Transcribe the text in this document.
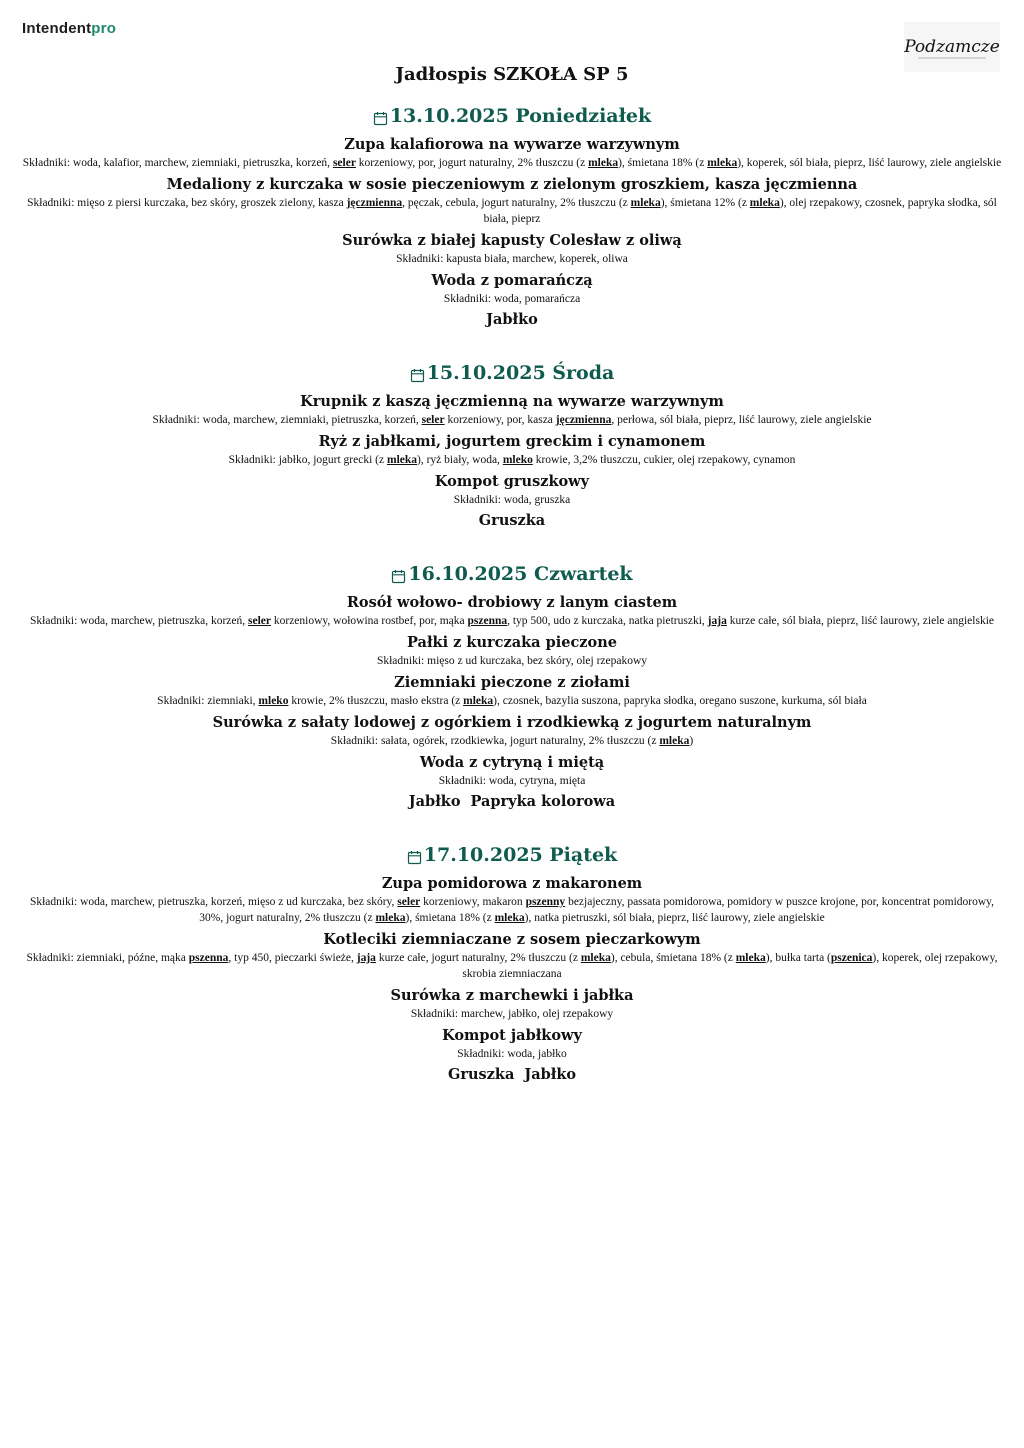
Intendentpro
Podzamcze
Jadłospis SZKOŁA SP 5
13.10.2025 Poniedziałek
Zupa kalafiorowa na wywarze warzywnym
Składniki: woda, kalafior, marchew, ziemniaki, pietruszka, korzeń, seler korzeniowy, por, jogurt naturalny, 2% tłuszczu (z mleka), śmietana 18% (z mleka), koperek, sól biała, pieprz, liść laurowy, ziele angielskie
Medaliony z kurczaka w sosie pieczeniowym z zielonym groszkiem, kasza jęczmienna
Składniki: mięso z piersi kurczaka, bez skóry, groszek zielony, kasza jęczmienna, pęczak, cebula, jogurt naturalny, 2% tłuszczu (z mleka), śmietana 12% (z mleka), olej rzepakowy, czosnek, papryka słodka, sól biała, pieprz
Surówka z białej kapusty Colesław z oliwą
Składniki: kapusta biała, marchew, koperek, oliwa
Woda z pomarańczą
Składniki: woda, pomarańcza
Jabłko
15.10.2025 Środa
Krupnik z kaszą jęczmienną na wywarze warzywnym
Składniki: woda, marchew, ziemniaki, pietruszka, korzeń, seler korzeniowy, por, kasza jęczmienna, perłowa, sól biała, pieprz, liść laurowy, ziele angielskie
Ryż z jabłkami, jogurtem greckim i cynamonem
Składniki: jabłko, jogurt grecki (z mleka), ryż biały, woda, mleko krowie, 3,2% tłuszczu, cukier, olej rzepakowy, cynamon
Kompot gruszkowy
Składniki: woda, gruszka
Gruszka
16.10.2025 Czwartek
Rosół wołowo- drobiowy z lanym ciastem
Składniki: woda, marchew, pietruszka, korzeń, seler korzeniowy, wołowina rostbef, por, mąka pszenna, typ 500, udo z kurczaka, natka pietruszki, jaja kurze całe, sól biała, pieprz, liść laurowy, ziele angielskie
Pałki z kurczaka pieczone
Składniki: mięso z ud kurczaka, bez skóry, olej rzepakowy
Ziemniaki pieczone z ziołami
Składniki: ziemniaki, mleko krowie, 2% tłuszczu, masło ekstra (z mleka), czosnek, bazylia suszona, papryka słodka, oregano suszone, kurkuma, sól biała
Surówka z sałaty lodowej z ogórkiem i rzodkiewką z jogurtem naturalnym
Składniki: sałata, ogórek, rzodkiewka, jogurt naturalny, 2% tłuszczu (z mleka)
Woda z cytryną i miętą
Składniki: woda, cytryna, mięta
Jabłko Papryka kolorowa
17.10.2025 Piątek
Zupa pomidorowa z makaronem
Składniki: woda, marchew, pietruszka, korzeń, mięso z ud kurczaka, bez skóry, seler korzeniowy, makaron pszenny bezjajeczny, passata pomidorowa, pomidory w puszce krojone, por, koncentrat pomidorowy, 30%, jogurt naturalny, 2% tłuszczu (z mleka), śmietana 18% (z mleka), natka pietruszki, sól biała, pieprz, liść laurowy, ziele angielskie
Kotleciki ziemniaczane z sosem pieczarkowym
Składniki: ziemniaki, późne, mąka pszenna, typ 450, pieczarki świeże, jaja kurze całe, jogurt naturalny, 2% tłuszczu (z mleka), cebula, śmietana 18% (z mleka), bułka tarta (pszenica), koperek, olej rzepakowy, skrobia ziemniaczana
Surówka z marchewki i jabłka
Składniki: marchew, jabłko, olej rzepakowy
Kompot jabłkowy
Składniki: woda, jabłko
Gruszka Jabłko
